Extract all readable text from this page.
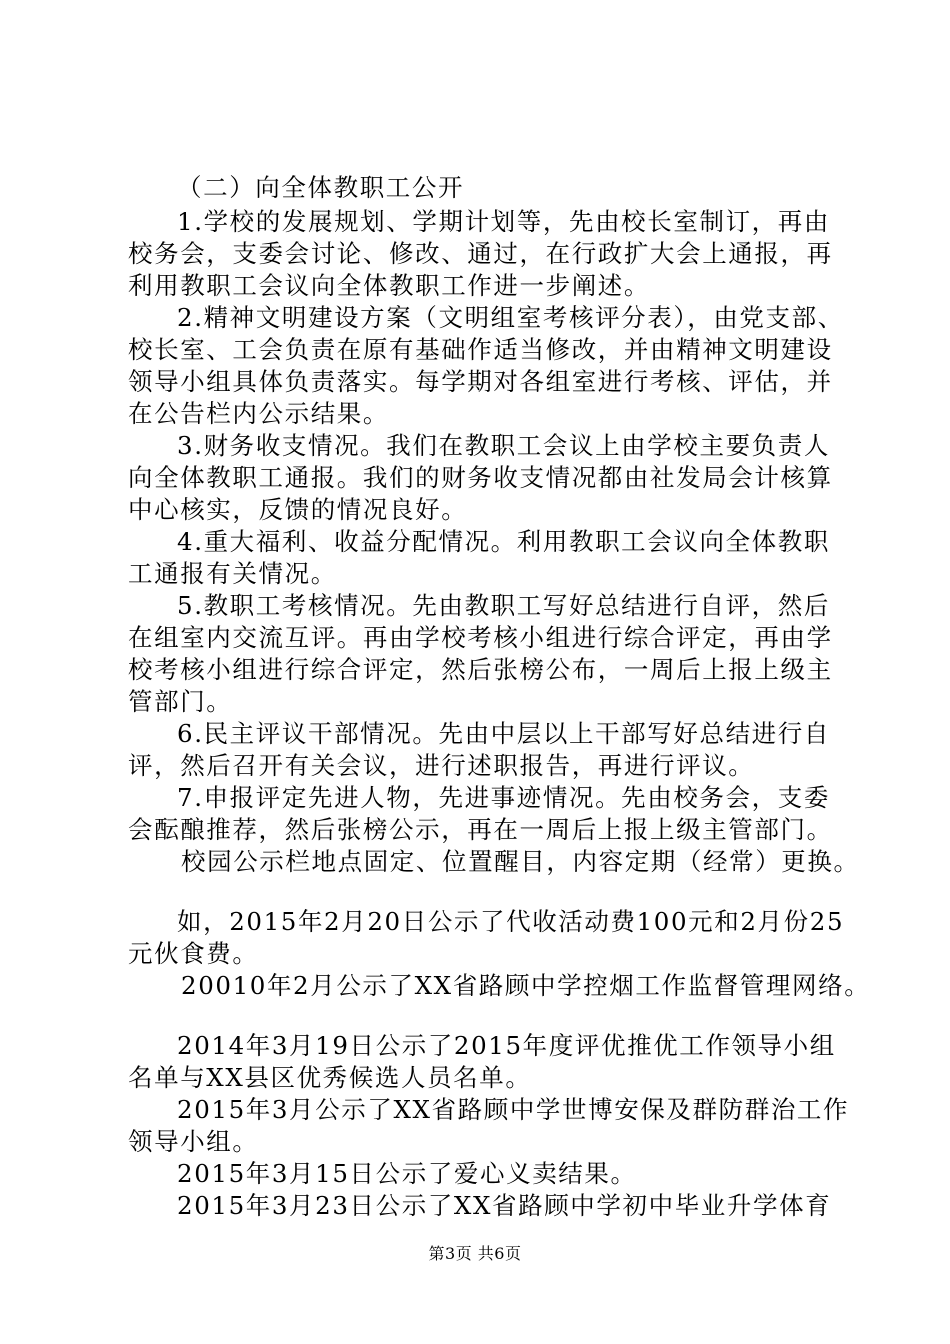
（二）向全体教职工公开
1.学校的发展规划、学期计划等，先由校长室制订，再由
校务会，支委会讨论、修改、通过，在行政扩大会上通报，再
利用教职工会议向全体教职工作进一步阐述。
2.精神文明建设方案（文明组室考核评分表），由党支部、
校长室、工会负责在原有基础作适当修改，并由精神文明建设
领导小组具体负责落实。每学期对各组室进行考核、评估，并
在公告栏内公示结果。
3.财务收支情况。我们在教职工会议上由学校主要负责人
向全体教职工通报。我们的财务收支情况都由社发局会计核算
中心核实，反馈的情况良好。
4.重大福利、收益分配情况。利用教职工会议向全体教职
工通报有关情况。
5.教职工考核情况。先由教职工写好总结进行自评，然后
在组室内交流互评。再由学校考核小组进行综合评定，再由学
校考核小组进行综合评定，然后张榜公布，一周后上报上级主
管部门。
6.民主评议干部情况。先由中层以上干部写好总结进行自
评，然后召开有关会议，进行述职报告，再进行评议。
7.申报评定先进人物，先进事迹情况。先由校务会，支委
会酝酿推荐，然后张榜公示，再在一周后上报上级主管部门。
校园公示栏地点固定、位置醒目，内容定期（经常）更换。
如，2015年2月20日公示了代收活动费100元和2月份25
元伙食费。
20010年2月公示了XX省路顾中学控烟工作监督管理网络。
2014年3月19日公示了2015年度评优推优工作领导小组
名单与XX县区优秀候选人员名单。
2015年3月公示了XX省路顾中学世博安保及群防群治工作
领导小组。
2015年3月15日公示了爱心义卖结果。
2015年3月23日公示了XX省路顾中学初中毕业升学体育
第3页 共6页
